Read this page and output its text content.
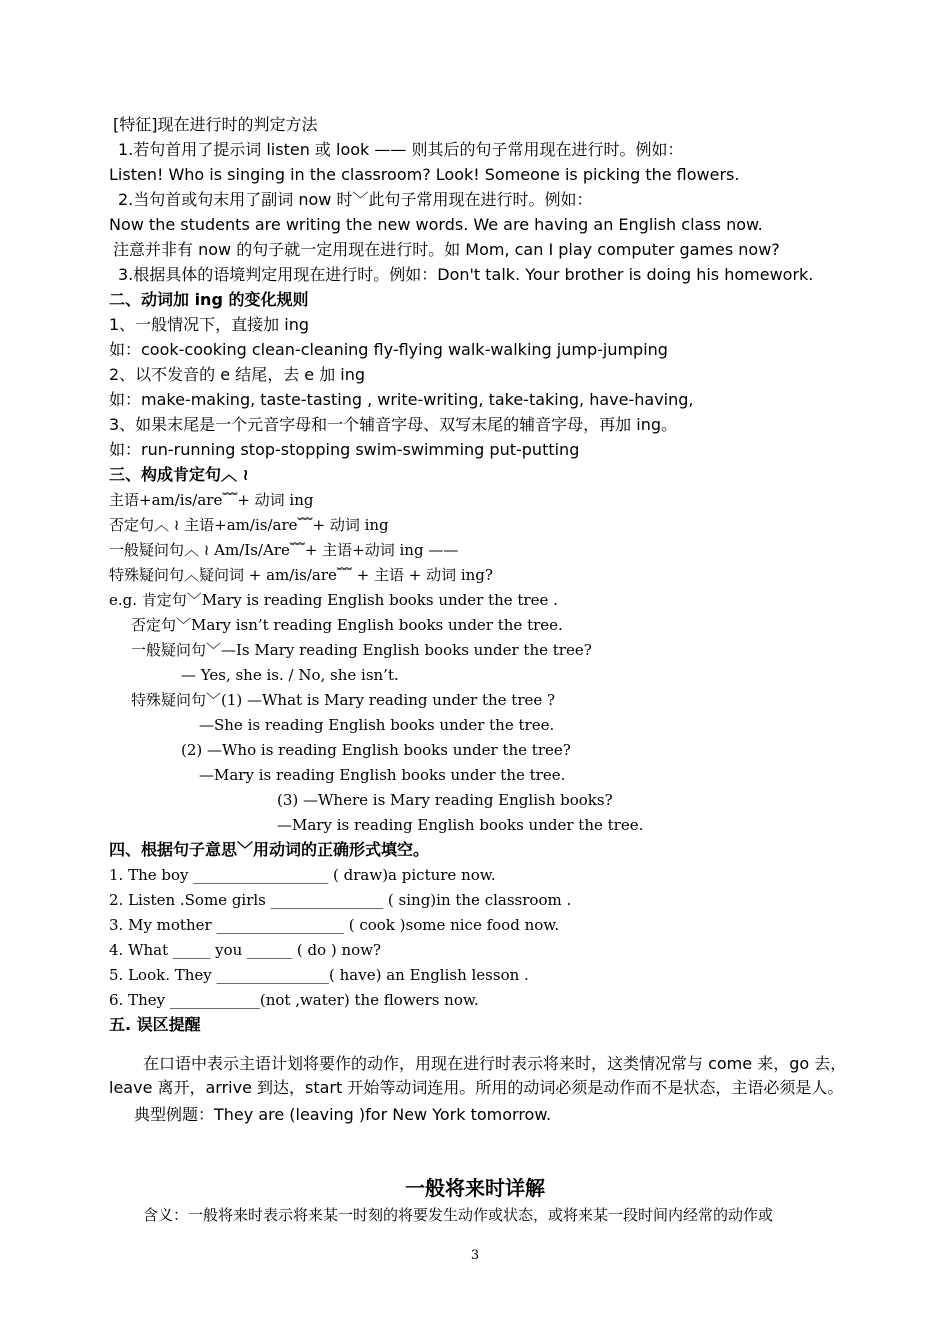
在口语中表示主语计划将要作的动作，用现在进行时表示将来时，这类情况常与 come 来，go 去，leave 离开，arrive 到达，start 开始等动词连用。所用的动词必须是动作而不是状态，主语必须是人。
一般将来时详解
3
[特征]现在进行时的判定方法
1.若句首用了提示词 listen 或 look —— 则其后的句子常用现在进行时。例如：
Listen! Who is singing in the classroom? Look! Someone is picking the flowers.
2.当句首或句末用了副词 now 时﹀此句子常用现在进行时。例如：
Now the students are writing the new words. We are having an English class now.
注意并非有 now 的句子就一定用现在进行时。如 Mom, can I play computer games now?
3.根据具体的语境判定用现在进行时。例如：Don't talk. Your brother is doing his homework.
二、动词加 ing 的变化规则
1、一般情况下，直接加 ing
如：cook-cooking clean-cleaning fly-flying walk-walking jump-jumping
2、以不发音的 e 结尾，去 e 加 ing
如：make-making, taste-tasting , write-writing, take-taking, have-having,
3、如果末尾是一个元音字母和一个辅音字母、双写末尾的辅音字母，再加 ing。
如：run-running stop-stopping swim-swimming put-putting
三、构成肯定句︿ ≀
主语+am/is/are﹌+ 动词 ing
否定句︿ ≀ 主语+am/is/are﹌+ 动词 ing
一般疑问句︿ ≀ Am/Is/Are﹌+ 主语+动词 ing ——
特殊疑问句︿疑问词 + am/is/are﹌ + 主语 + 动词 ing?
e.g. 肯定句﹀Mary is reading English books under the tree .
否定句﹀Mary isn’t reading English books under the tree.
一般疑问句﹀—Is Mary reading English books under the tree?
— Yes, she is. / No, she isn’t.
特殊疑问句﹀(1) —What is Mary reading under the tree ?
—She is reading English books under the tree.
(2) —Who is reading English books under the tree?
—Mary is reading English books under the tree.
(3) —Where is Mary reading English books?
—Mary is reading English books under the tree.
四、根据句子意思﹀用动词的正确形式填空。
1. The boy __________________ ( draw)a picture now.
2. Listen .Some girls _______________ ( sing)in the classroom .
3. My mother _________________ ( cook )some nice food now.
4. What _____ you ______ ( do ) now?
5. Look. They _______________( have) an English lesson .
6. They ____________(not ,water) the flowers now.
五. 误区提醒
典型例题：They are (leaving )for New York tomorrow.
含义：一般将来时表示将来某一时刻的将要发生动作或状态，或将来某一段时间内经常的动作或
